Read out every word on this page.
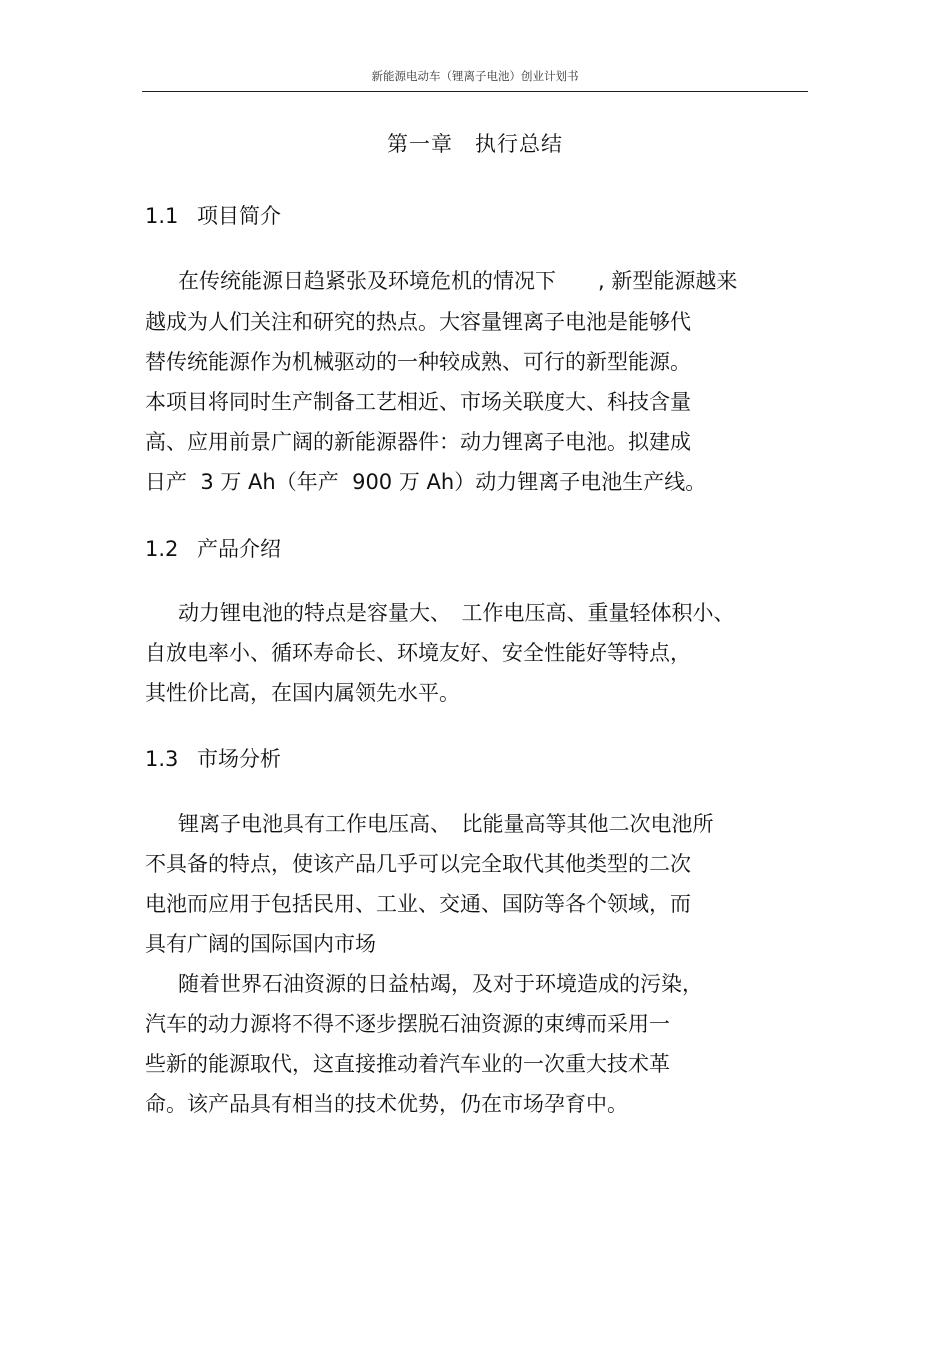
新能源电动车（锂离子电池）创业计划书
第一章 执行总结
1.1 项目简介
在传统能源日趋紧张及环境危机的情况下　　, 新型能源越来
越成为人们关注和研究的热点。大容量锂离子电池是能够代
替传统能源作为机械驱动的一种较成熟、可行的新型能源。
本项目将同时生产制备工艺相近、市场关联度大、科技含量
高、应用前景广阔的新能源器件：动力锂离子电池。拟建成
日产  3 万 Ah（年产  900 万 Ah）动力锂离子电池生产线。
1.2 产品介绍
动力锂电池的特点是容量大、　工作电压高、重量轻体积小、
自放电率小、循环寿命长、环境友好、安全性能好等特点，
其性价比高，在国内属领先水平。
1.3 市场分析
锂离子电池具有工作电压高、　比能量高等其他二次电池所
不具备的特点，使该产品几乎可以完全取代其他类型的二次
电池而应用于包括民用、工业、交通、国防等各个领域，而
具有广阔的国际国内市场
随着世界石油资源的日益枯竭，及对于环境造成的污染，
汽车的动力源将不得不逐步摆脱石油资源的束缚而采用一
些新的能源取代，这直接推动着汽车业的一次重大技术革
命。该产品具有相当的技术优势，仍在市场孕育中。
